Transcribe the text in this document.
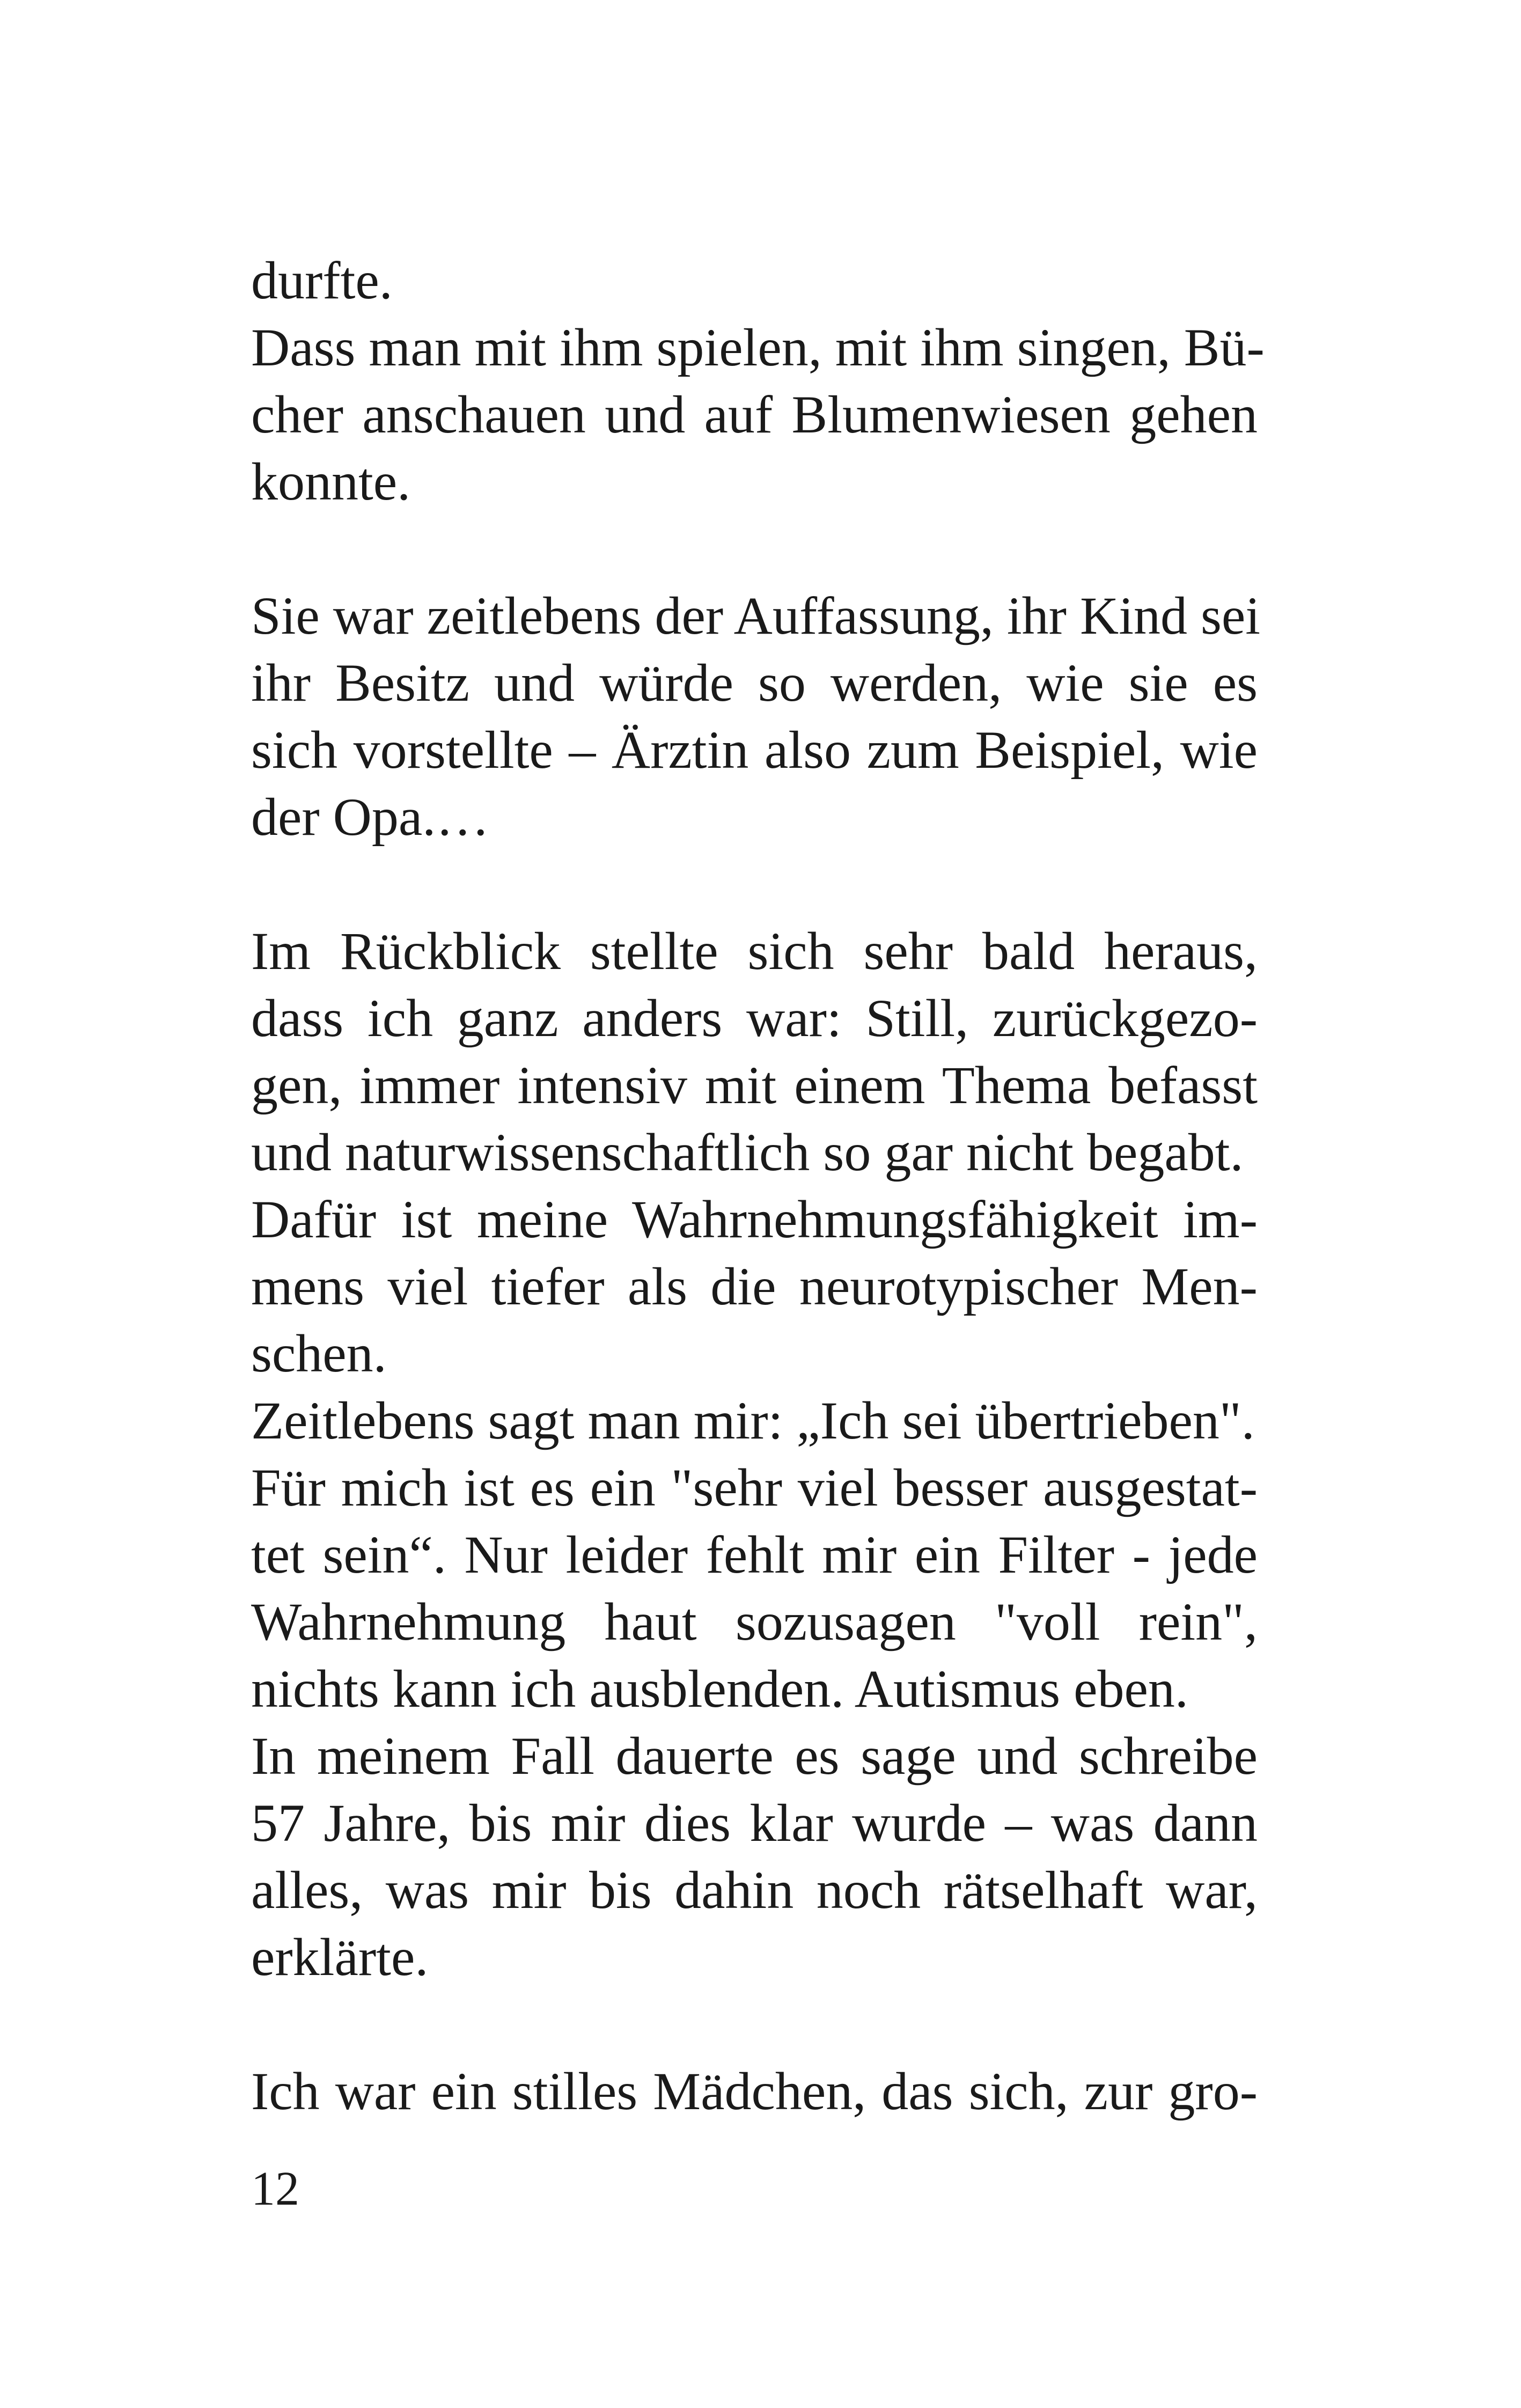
durfte.
Dass man mit ihm spielen, mit ihm singen, Bü-
cher anschauen und auf Blumenwiesen gehen
konnte.
Sie war zeitlebens der Auffassung, ihr Kind sei
ihr Besitz und würde so werden, wie sie es
sich vorstellte – Ärztin also zum Beispiel, wie
der Opa.…
Im Rückblick stellte sich sehr bald heraus,
dass ich ganz anders war: Still, zurückgezo-
gen, immer intensiv mit einem Thema befasst
und naturwissenschaftlich so gar nicht begabt.
Dafür ist meine Wahrnehmungsfähigkeit im-
mens viel tiefer als die neurotypischer Men-
schen.
Zeitlebens sagt man mir: „Ich sei übertrieben".
Für mich ist es ein "sehr viel besser ausgestat-
tet sein“. Nur leider fehlt mir ein Filter - jede
Wahrnehmung haut sozusagen "voll rein",
nichts kann ich ausblenden. Autismus eben.
In meinem Fall dauerte es sage und schreibe
57 Jahre, bis mir dies klar wurde – was dann
alles, was mir bis dahin noch rätselhaft war,
erklärte.
Ich war ein stilles Mädchen, das sich, zur gro-
12
